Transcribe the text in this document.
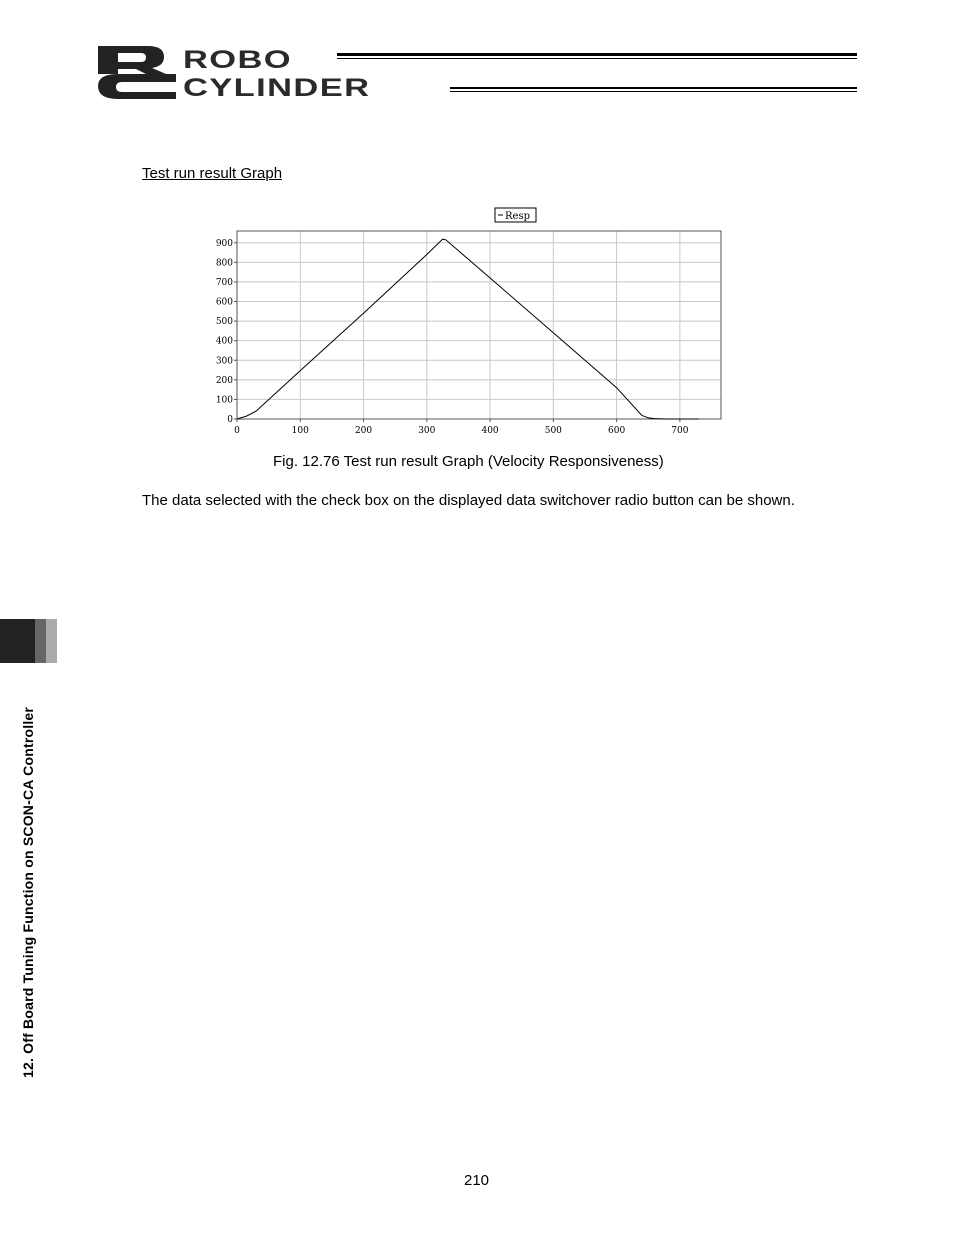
ROBO
CYLINDER
Test run result Graph
0	100	200	300	400	500	600	700
0
100
200
300
400
500
600
700
800
900
Resp
Fig. 12.76 Test run result Graph (Velocity Responsiveness)
The data selected with the check box on the displayed data switchover radio button can be shown.
12. Off Board Tuning Function on SCON-CA Controller
210
